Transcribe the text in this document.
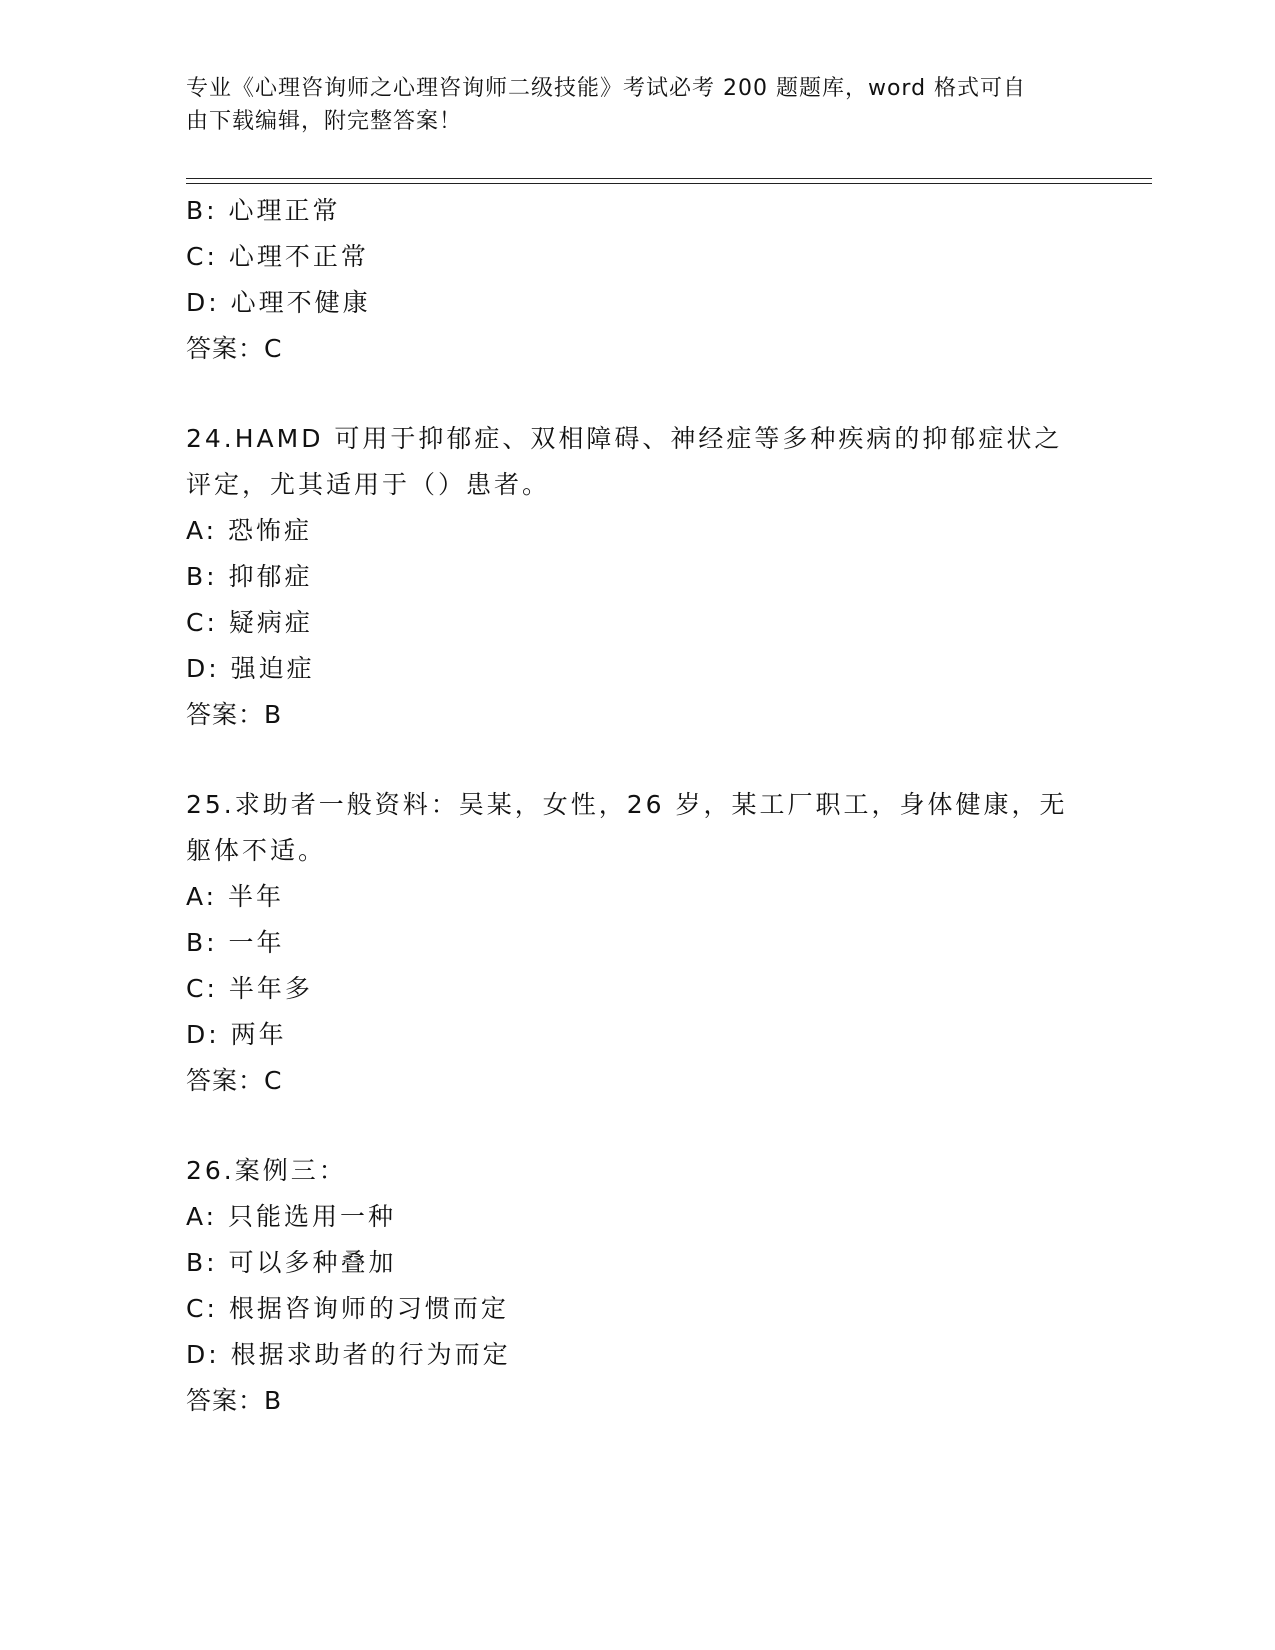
专业《心理咨询师之心理咨询师二级技能》考试必考 200 题题库，word 格式可自
由下载编辑，附完整答案！
B: 心理正常
C: 心理不正常
D: 心理不健康
答案：C
24.HAMD 可用于抑郁症、双相障碍、神经症等多种疾病的抑郁症状之评定，尤其适用于（）患者。
A: 恐怖症
B: 抑郁症
C: 疑病症
D: 强迫症
答案：B
25.求助者一般资料：吴某，女性，26 岁，某工厂职工，身体健康，无躯体不适。
A: 半年
B: 一年
C: 半年多
D: 两年
答案：C
26.案例三：
A: 只能选用一种
B: 可以多种叠加
C: 根据咨询师的习惯而定
D: 根据求助者的行为而定
答案：B
